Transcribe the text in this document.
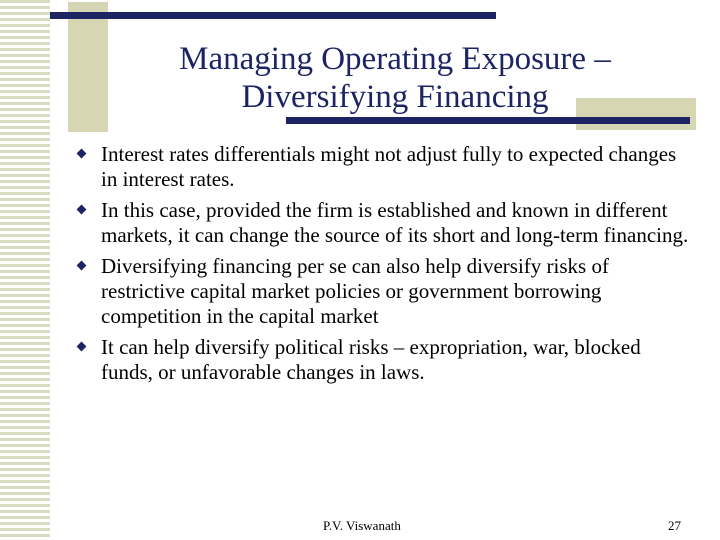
Managing Operating Exposure –
Diversifying Financing
Interest rates differentials might not adjust fully to expected changes in interest rates.
In this case, provided the firm is established and known in different markets, it can change the source of its short and long-term financing.
Diversifying financing per se can also help diversify risks of restrictive capital market policies or government borrowing competition in the capital market
It can help diversify political risks – expropriation, war, blocked funds, or unfavorable changes in laws.
P.V. Viswanath	27
